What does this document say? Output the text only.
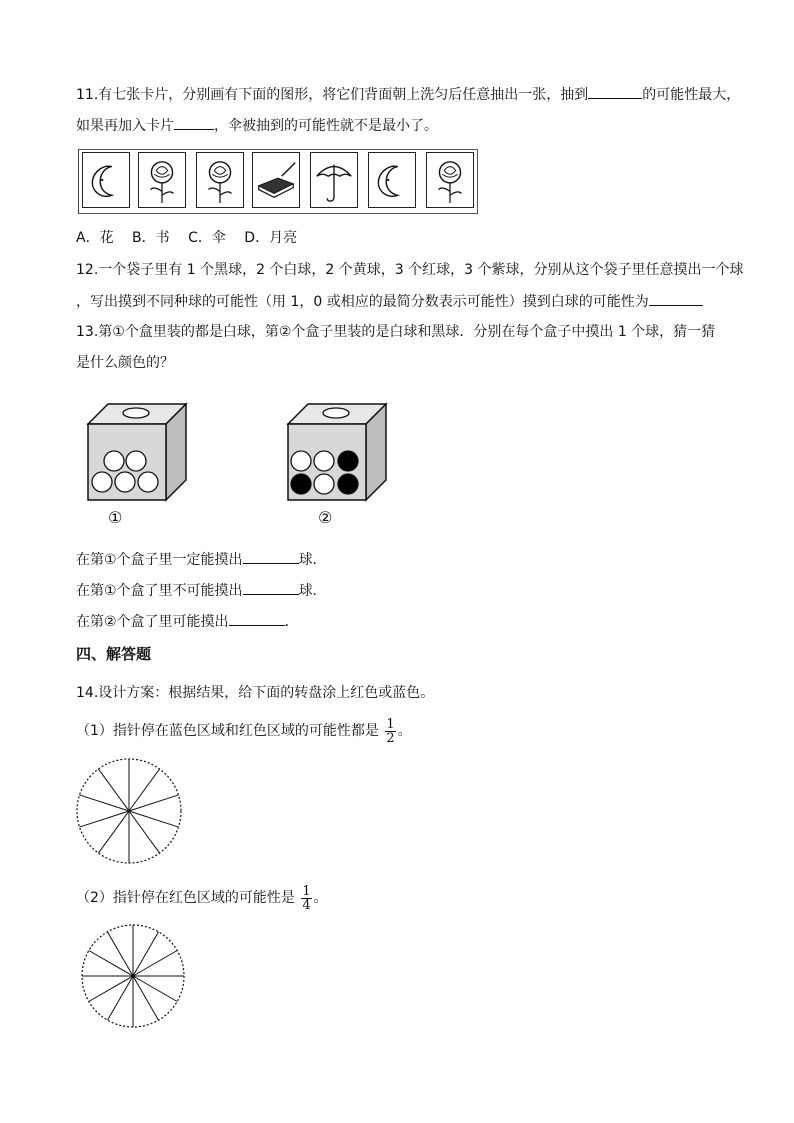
11.有七张卡片，分别画有下面的图形，将它们背面朝上洗匀后任意抽出一张，抽到	的可能性最大，
如果再加入卡片	，伞被抽到的可能性就不是最小了。
A．花　 B．书　 C．伞　 D．月亮
12.一个袋子里有 1 个黑球，2 个白球，2 个黄球，3 个红球，3 个紫球，分别从这个袋子里任意摸出一个球
，写出摸到不同种球的可能性（用 1，0 或相应的最简分数表示可能性）摸到白球的可能性为
13.第①个盒里装的都是白球，第②个盒子里装的是白球和黑球．分别在每个盒子中摸出 1 个球，猜一猜
是什么颜色的？
①	②
在第①个盒子里一定能摸出	球．
在第①个盒了里不可能摸出	球．
在第②个盒了里可能摸出	．
四、解答题
14.设计方案：根据结果，给下面的转盘涂上红色或蓝色。
（1）指针停在蓝色区域和红色区域的可能性都是 $\frac{1}{2}$ 。
（2）指针停在红色区域的可能性是 $\frac{1}{4}$ 。
